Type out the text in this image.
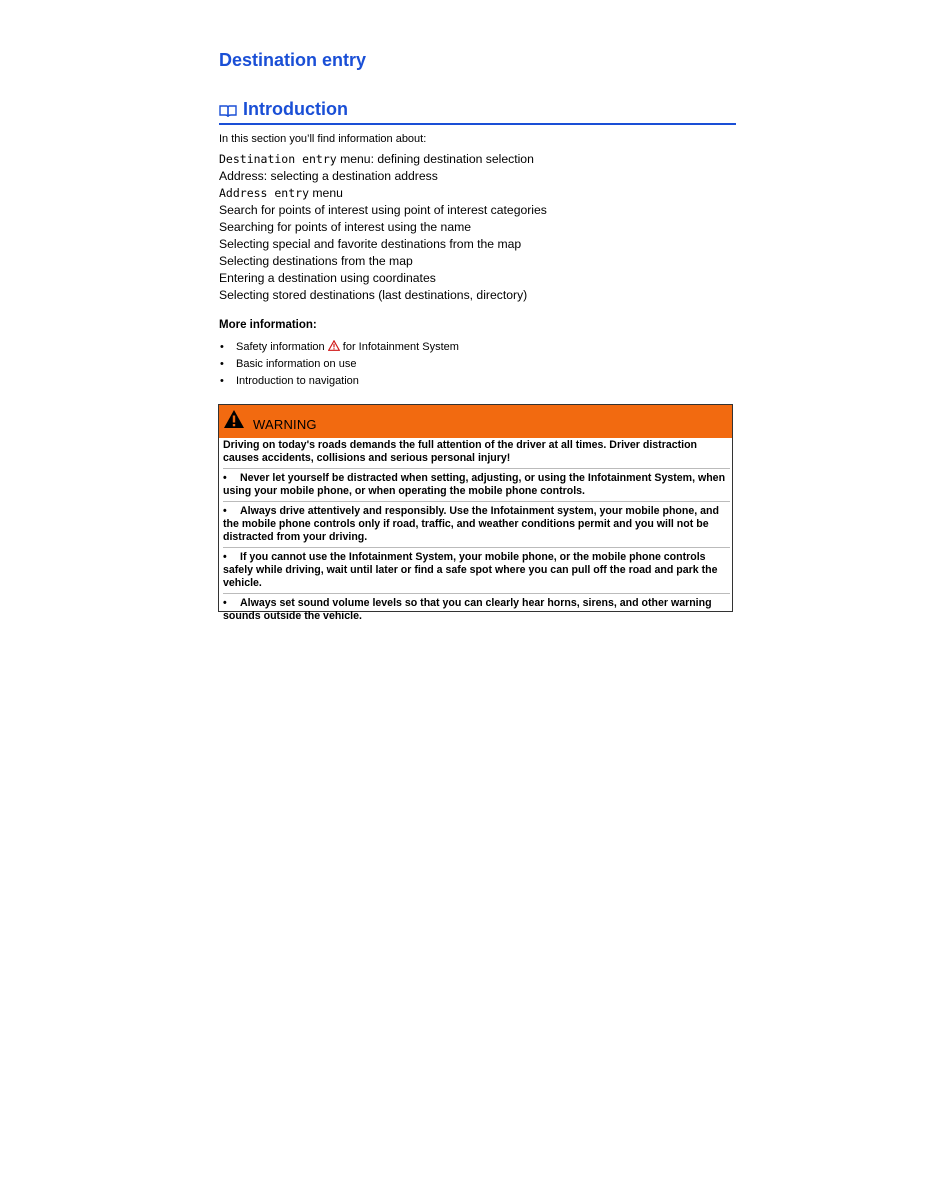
Destination entry
Introduction

In this section you’ll find information about:

Destination entry menu: defining destination selection
Address: selecting a destination address
Address entry menu
Search for points of interest using point of interest categories
Searching for points of interest using the name
Selecting special and favorite destinations from the map
Selecting destinations from the map
Entering a destination using coordinates
Selecting stored destinations (last destinations, directory)
More information:
• Safety information  for Infotainment System
• Basic information on use
• Introduction to navigation
WARNING
Driving on today's roads demands the full attention of the driver at all times. Driver distraction causes accidents, collisions and serious personal injury!
• Never let yourself be distracted when setting, adjusting, or using the Infotainment System, when using your mobile phone, or when operating the mobile phone controls.
• Always drive attentively and responsibly. Use the Infotainment system, your mobile phone, and the mobile phone controls only if road, traffic, and weather conditions permit and you will not be distracted from your driving.
• If you cannot use the Infotainment System, your mobile phone, or the mobile phone controls safely while driving, wait until later or find a safe spot where you can pull off the road and park the vehicle.
• Always set sound volume levels so that you can clearly hear horns, sirens, and other warning sounds outside the vehicle.
